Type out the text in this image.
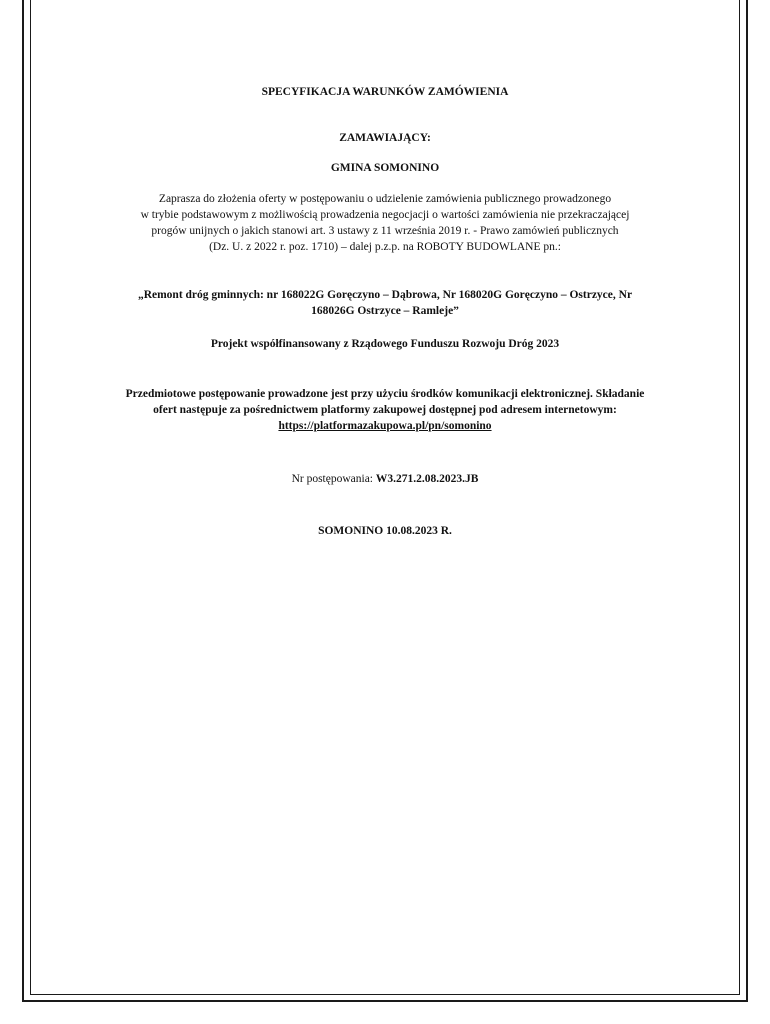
SPECYFIKACJA WARUNKÓW ZAMÓWIENIA
ZAMAWIAJĄCY:
GMINA SOMONINO
Zaprasza do złożenia oferty w postępowaniu o udzielenie zamówienia publicznego prowadzonego
w trybie podstawowym z możliwością prowadzenia negocjacji o wartości zamówienia nie przekraczającej
progów unijnych o jakich stanowi art. 3 ustawy z 11 września 2019 r. - Prawo zamówień publicznych
(Dz. U. z 2022 r. poz. 1710) – dalej p.z.p. na ROBOTY BUDOWLANE pn.:
„Remont dróg gminnych: nr 168022G Goręczyno – Dąbrowa, Nr 168020G Goręczyno – Ostrzyce, Nr
168026G Ostrzyce – Ramleje”
Projekt współfinansowany z Rządowego Funduszu Rozwoju Dróg 2023
Przedmiotowe postępowanie prowadzone jest przy użyciu środków komunikacji elektronicznej. Składanie
ofert następuje za pośrednictwem platformy zakupowej dostępnej pod adresem internetowym:
https://platformazakupowa.pl/pn/somonino
Nr postępowania: W3.271.2.08.2023.JB
SOMONINO 10.08.2023 R.
